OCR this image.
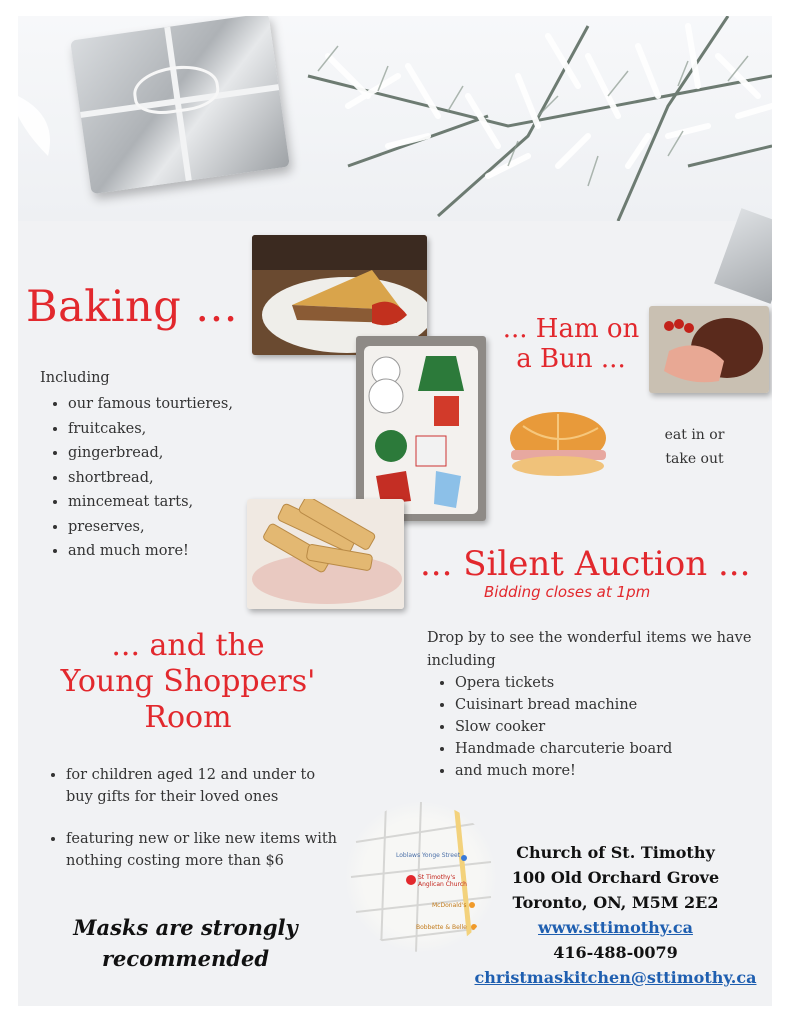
Baking ...
Including
• our famous tourtieres,
• fruitcakes,
• gingerbread,
• shortbread,
• mincemeat tarts,
• preserves,
• and much more!
... Ham on
a Bun ...
eat in or
take out
... Silent Auction ...
Bidding closes at 1pm
Drop by to see the wonderful items we have
including
• Opera tickets
• Cuisinart bread machine
• Slow cooker
• Handmade charcuterie board
• and much more!
... and the
Young Shoppers'
Room
• for children aged 12 and under to
buy gifts for their loved ones
• featuring new or like new items with
nothing costing more than $6
Masks are strongly
recommended
Loblaws Yonge Street
St Timothy's
Anglican Church
McDonald's
Bobbette & Belle
Church of St. Timothy
100 Old Orchard Grove
Toronto, ON, M5M 2E2
www.sttimothy.ca
416-488-0079
christmaskitchen@sttimothy.ca
